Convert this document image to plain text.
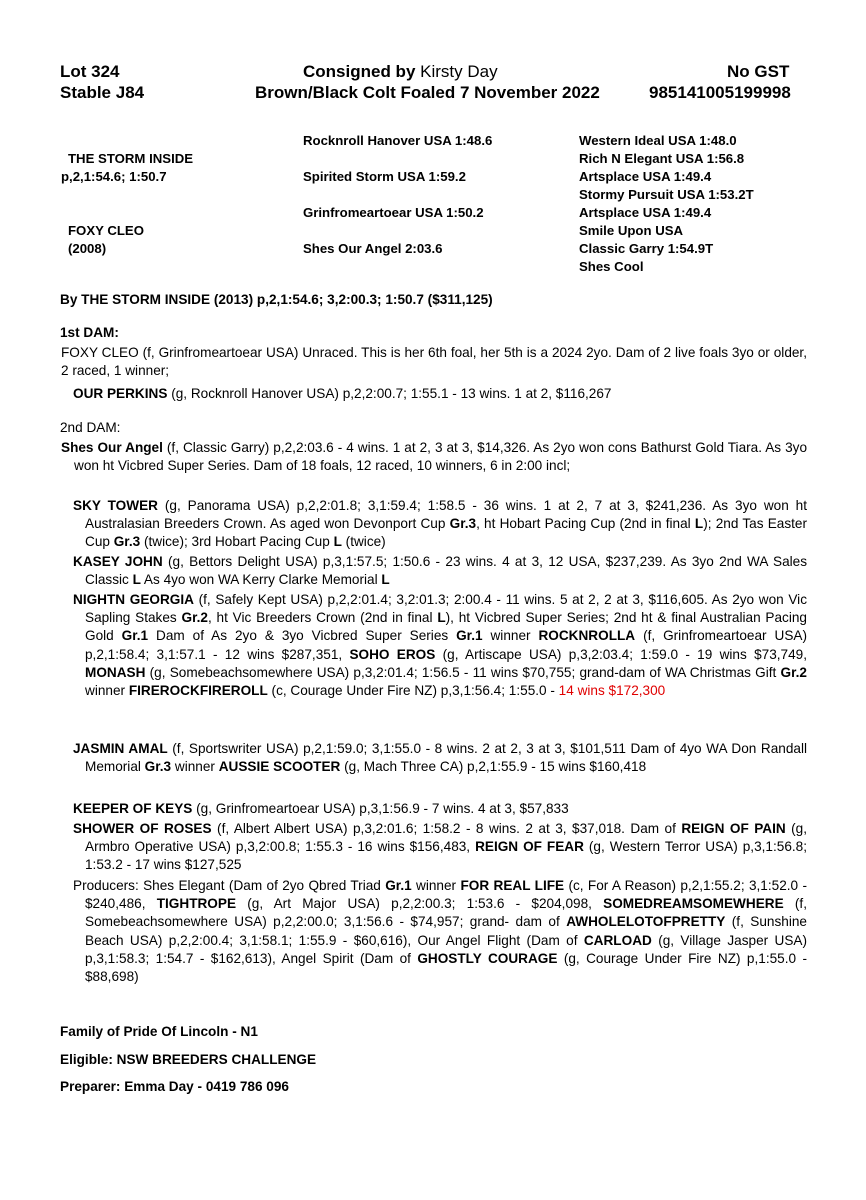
Lot 324
Stable J84
Consigned by Kirsty Day
Brown/Black Colt Foaled 7 November 2022
No GST
985141005199998
THE STORM INSIDE
p,2,1:54.6; 1:50.7
FOXY CLEO
(2008)
Rocknroll Hanover USA 1:48.6
Spirited Storm USA 1:59.2
Grinfromeartoear USA 1:50.2
Shes Our Angel 2:03.6
Western Ideal USA 1:48.0
Rich N Elegant USA 1:56.8
Artsplace USA 1:49.4
Stormy Pursuit USA 1:53.2T
Artsplace USA 1:49.4
Smile Upon USA
Classic Garry 1:54.9T
Shes Cool
By THE STORM INSIDE (2013) p,2,1:54.6; 3,2:00.3; 1:50.7 ($311,125)
1st DAM:
FOXY CLEO (f, Grinfromeartoear USA) Unraced. This is her 6th foal, her 5th is a 2024 2yo. Dam of 2 live foals 3yo or older, 2 raced, 1 winner;
OUR PERKINS (g, Rocknroll Hanover USA) p,2,2:00.7; 1:55.1 - 13 wins. 1 at 2, $116,267
2nd DAM:
Shes Our Angel (f, Classic Garry) p,2,2:03.6 - 4 wins. 1 at 2, 3 at 3, $14,326. As 2yo won cons Bathurst Gold Tiara. As 3yo won ht Vicbred Super Series. Dam of 18 foals, 12 raced, 10 winners, 6 in 2:00 incl;
SKY TOWER (g, Panorama USA) p,2,2:01.8; 3,1:59.4; 1:58.5 - 36 wins. 1 at 2, 7 at 3, $241,236. As 3yo won ht Australasian Breeders Crown. As aged won Devonport Cup Gr.3, ht Hobart Pacing Cup (2nd in final L); 2nd Tas Easter Cup Gr.3 (twice); 3rd Hobart Pacing Cup L (twice)
KASEY JOHN (g, Bettors Delight USA) p,3,1:57.5; 1:50.6 - 23 wins. 4 at 3, 12 USA, $237,239. As 3yo 2nd WA Sales Classic L As 4yo won WA Kerry Clarke Memorial L
NIGHTN GEORGIA (f, Safely Kept USA) p,2,2:01.4; 3,2:01.3; 2:00.4 - 11 wins. 5 at 2, 2 at 3, $116,605. As 2yo won Vic Sapling Stakes Gr.2, ht Vic Breeders Crown (2nd in final L), ht Vicbred Super Series; 2nd ht & final Australian Pacing Gold Gr.1 Dam of As 2yo & 3yo Vicbred Super Series Gr.1 winner ROCKNROLLA (f, Grinfromeartoear USA) p,2,1:58.4; 3,1:57.1 - 12 wins $287,351, SOHO EROS (g, Artiscape USA) p,3,2:03.4; 1:59.0 - 19 wins $73,749, MONASH (g, Somebeachsomewhere USA) p,3,2:01.4; 1:56.5 - 11 wins $70,755; grand-dam of WA Christmas Gift Gr.2 winner FIREROCKFIREROLL (c, Courage Under Fire NZ) p,3,1:56.4; 1:55.0 - 14 wins $172,300
JASMIN AMAL (f, Sportswriter USA) p,2,1:59.0; 3,1:55.0 - 8 wins. 2 at 2, 3 at 3, $101,511 Dam of 4yo WA Don Randall Memorial Gr.3 winner AUSSIE SCOOTER (g, Mach Three CA) p,2,1:55.9 - 15 wins $160,418
KEEPER OF KEYS (g, Grinfromeartoear USA) p,3,1:56.9 - 7 wins. 4 at 3, $57,833
SHOWER OF ROSES (f, Albert Albert USA) p,3,2:01.6; 1:58.2 - 8 wins. 2 at 3, $37,018. Dam of REIGN OF PAIN (g, Armbro Operative USA) p,3,2:00.8; 1:55.3 - 16 wins $156,483, REIGN OF FEAR (g, Western Terror USA) p,3,1:56.8; 1:53.2 - 17 wins $127,525
Producers: Shes Elegant (Dam of 2yo Qbred Triad Gr.1 winner FOR REAL LIFE (c, For A Reason) p,2,1:55.2; 3,1:52.0 - $240,486, TIGHTROPE (g, Art Major USA) p,2,2:00.3; 1:53.6 - $204,098, SOMEDREAMSOMEWHERE (f, Somebeachsomewhere USA) p,2,2:00.0; 3,1:56.6 - $74,957; grand- dam of AWHOLELOTOFPRETTY (f, Sunshine Beach USA) p,2,2:00.4; 3,1:58.1; 1:55.9 - $60,616), Our Angel Flight (Dam of CARLOAD (g, Village Jasper USA) p,3,1:58.3; 1:54.7 - $162,613), Angel Spirit (Dam of GHOSTLY COURAGE (g, Courage Under Fire NZ) p,1:55.0 - $88,698)
Family of Pride Of Lincoln - N1
Eligible: NSW BREEDERS CHALLENGE
Preparer: Emma Day - 0419 786 096
